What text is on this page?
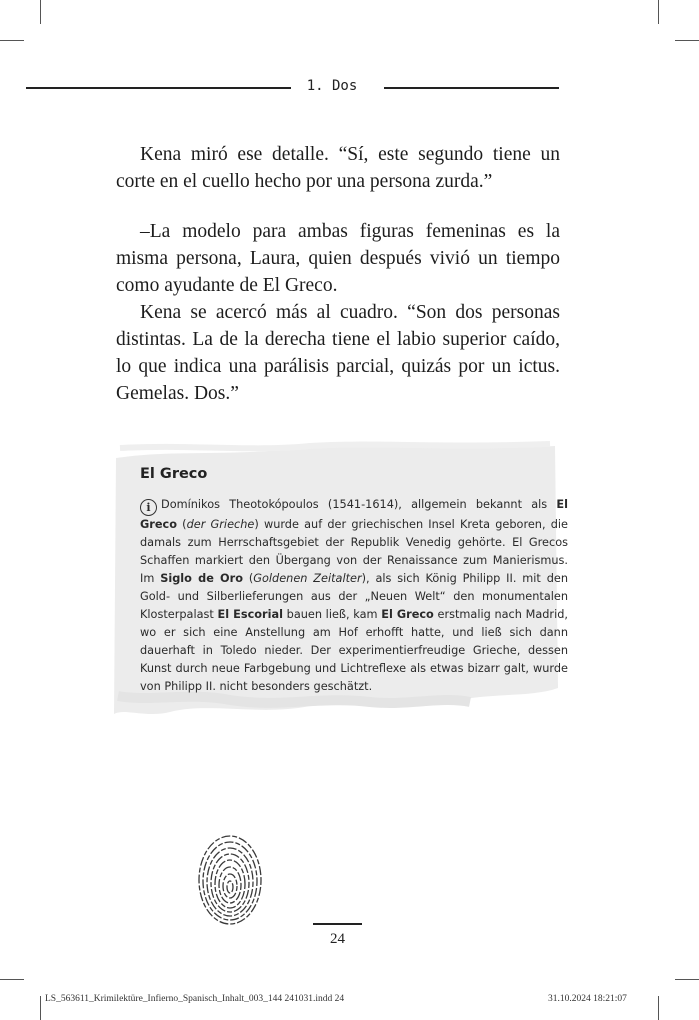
1. Dos

Kena miró ese detalle. “Sí, este segundo tiene un corte en el cuello hecho por una persona zurda.”

–La modelo para ambas figuras femeninas es la misma persona, Laura, quien después vivió un tiempo como ayudante de El Greco.

Kena se acercó más al cuadro. “Son dos personas distintas. La de la derecha tiene el labio superior caído, lo que indica una parálisis parcial, quizás por un ictus. Gemelas. Dos.”

El Greco
i Domínikos Theotokópoulos (1541-1614), allgemein bekannt als El Greco (der Grieche) wurde auf der griechischen Insel Kreta geboren, die damals zum Herrschaftsgebiet der Republik Venedig gehörte. El Grecos Schaffen markiert den Übergang von der Renaissance zum Manierismus. Im Siglo de Oro (Goldenen Zeitalter), als sich König Philipp II. mit den Gold- und Silberlieferungen aus der „Neuen Welt“ den monumentalen Klosterpalast El Escorial bauen ließ, kam El Greco erstmalig nach Madrid, wo er sich eine Anstellung am Hof erhofft hatte, und ließ sich dann dauerhaft in Toledo nieder. Der experimentierfreudige Grieche, dessen Kunst durch neue Farbgebung und Lichtreflexe als etwas bizarr galt, wurde von Philipp II. nicht besonders geschätzt.
24
LS_563611_Krimilektüre_Infierno_Spanisch_Inhalt_003_144 241031.indd 24	31.10.2024 18:21:07
